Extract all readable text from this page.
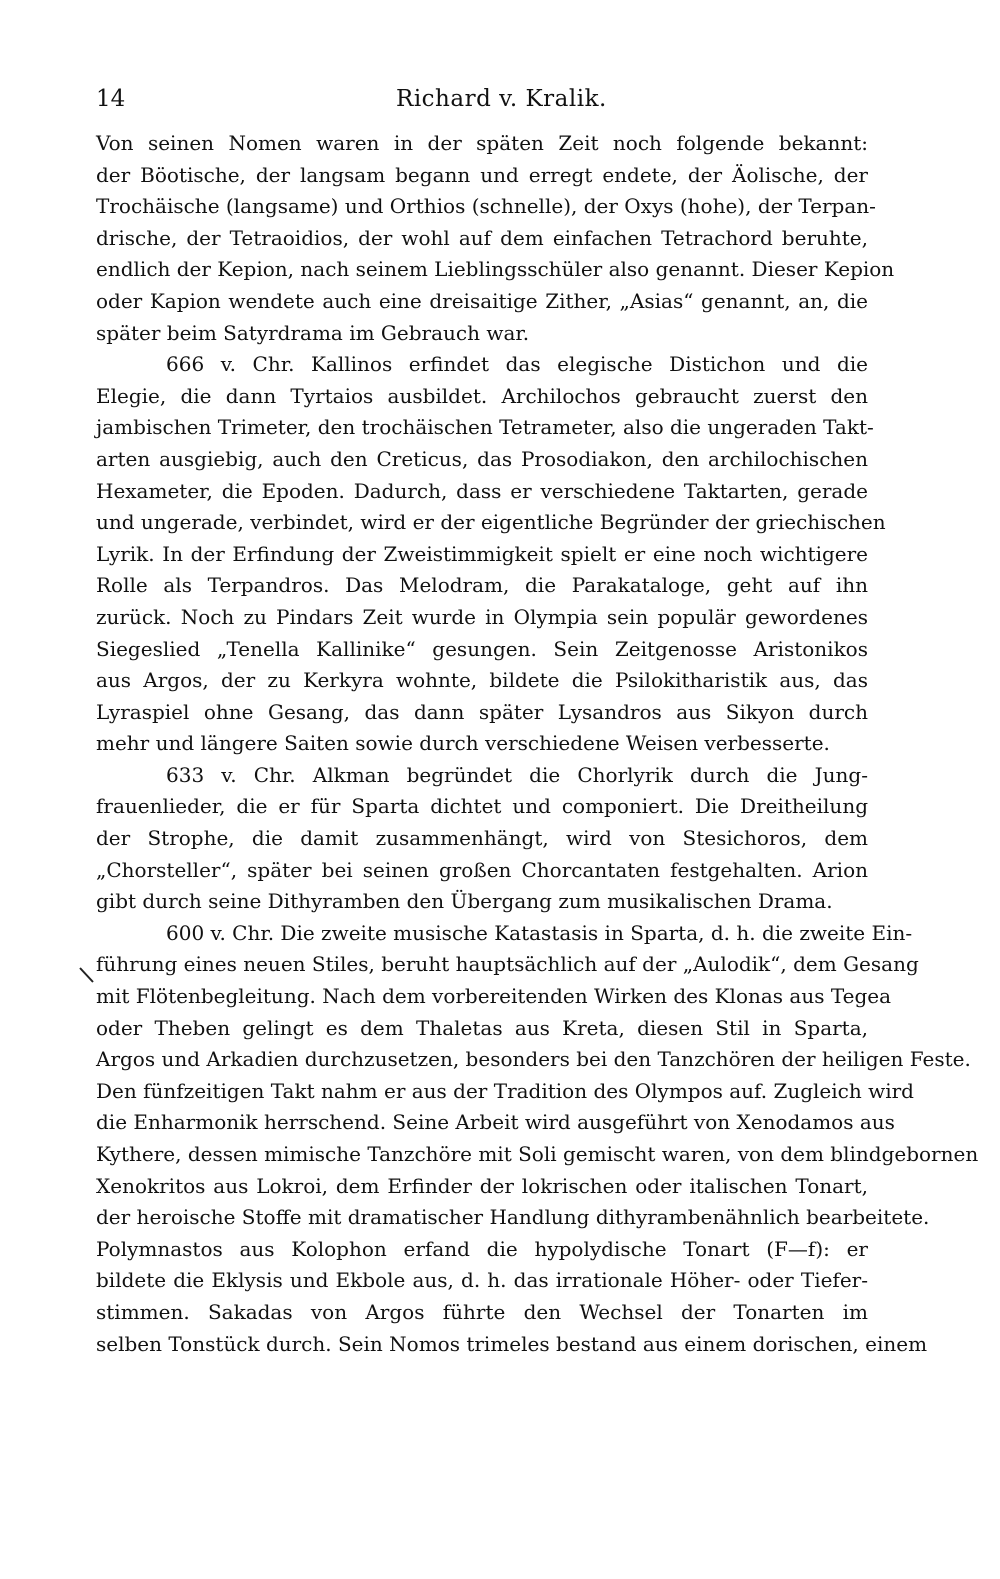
14	Richard v. Kralik.
Von seinen Nomen waren in der späten Zeit noch folgende bekannt:
der Böotische, der langsam begann und erregt endete, der Äolische, der
Trochäische (langsame) und Orthios (schnelle), der Oxys (hohe), der Terpan-
drische, der Tetraoidios, der wohl auf dem einfachen Tetrachord beruhte,
endlich der Kepion, nach seinem Lieblingsschüler also genannt. Dieser Kepion
oder Kapion wendete auch eine dreisaitige Zither, „Asias“ genannt, an, die
später beim Satyrdrama im Gebrauch war.
666 v. Chr. Kallinos erfindet das elegische Distichon und die
Elegie, die dann Tyrtaios ausbildet. Archilochos gebraucht zuerst den
jambischen Trimeter, den trochäischen Tetrameter, also die ungeraden Takt-
arten ausgiebig, auch den Creticus, das Prosodiakon, den archilochischen
Hexameter, die Epoden. Dadurch, dass er verschiedene Taktarten, gerade
und ungerade, verbindet, wird er der eigentliche Begründer der griechischen
Lyrik. In der Erfindung der Zweistimmigkeit spielt er eine noch wichtigere
Rolle als Terpandros. Das Melodram, die Parakataloge, geht auf ihn
zurück. Noch zu Pindars Zeit wurde in Olympia sein populär gewordenes
Siegeslied „Tenella Kallinike“ gesungen. Sein Zeitgenosse Aristonikos
aus Argos, der zu Kerkyra wohnte, bildete die Psilokitharistik aus, das
Lyraspiel ohne Gesang, das dann später Lysandros aus Sikyon durch
mehr und längere Saiten sowie durch verschiedene Weisen verbesserte.
633 v. Chr. Alkman begründet die Chorlyrik durch die Jung-
frauenlieder, die er für Sparta dichtet und componiert. Die Dreitheilung
der Strophe, die damit zusammenhängt, wird von Stesichoros, dem
„Chorsteller“, später bei seinen großen Chorcantaten festgehalten. Arion
gibt durch seine Dithyramben den Übergang zum musikalischen Drama.
600 v. Chr. Die zweite musische Katastasis in Sparta, d. h. die zweite Ein-
führung eines neuen Stiles, beruht hauptsächlich auf der „Aulodik“, dem Gesang
mit Flötenbegleitung. Nach dem vorbereitenden Wirken des Klonas aus Tegea
oder Theben gelingt es dem Thaletas aus Kreta, diesen Stil in Sparta,
Argos und Arkadien durchzusetzen, besonders bei den Tanzchören der heiligen Feste.
Den fünfzeitigen Takt nahm er aus der Tradition des Olympos auf. Zugleich wird
die Enharmonik herrschend. Seine Arbeit wird ausgeführt von Xenodamos aus
Kythere, dessen mimische Tanzchöre mit Soli gemischt waren, von dem blindgebornen
Xenokritos aus Lokroi, dem Erfinder der lokrischen oder italischen Tonart,
der heroische Stoffe mit dramatischer Handlung dithyrambenähnlich bearbeitete.
Polymnastos aus Kolophon erfand die hypolydische Tonart (F—f): er
bildete die Eklysis und Ekbole aus, d. h. das irrationale Höher- oder Tiefer-
stimmen. Sakadas von Argos führte den Wechsel der Tonarten im
selben Tonstück durch. Sein Nomos trimeles bestand aus einem dorischen, einem
